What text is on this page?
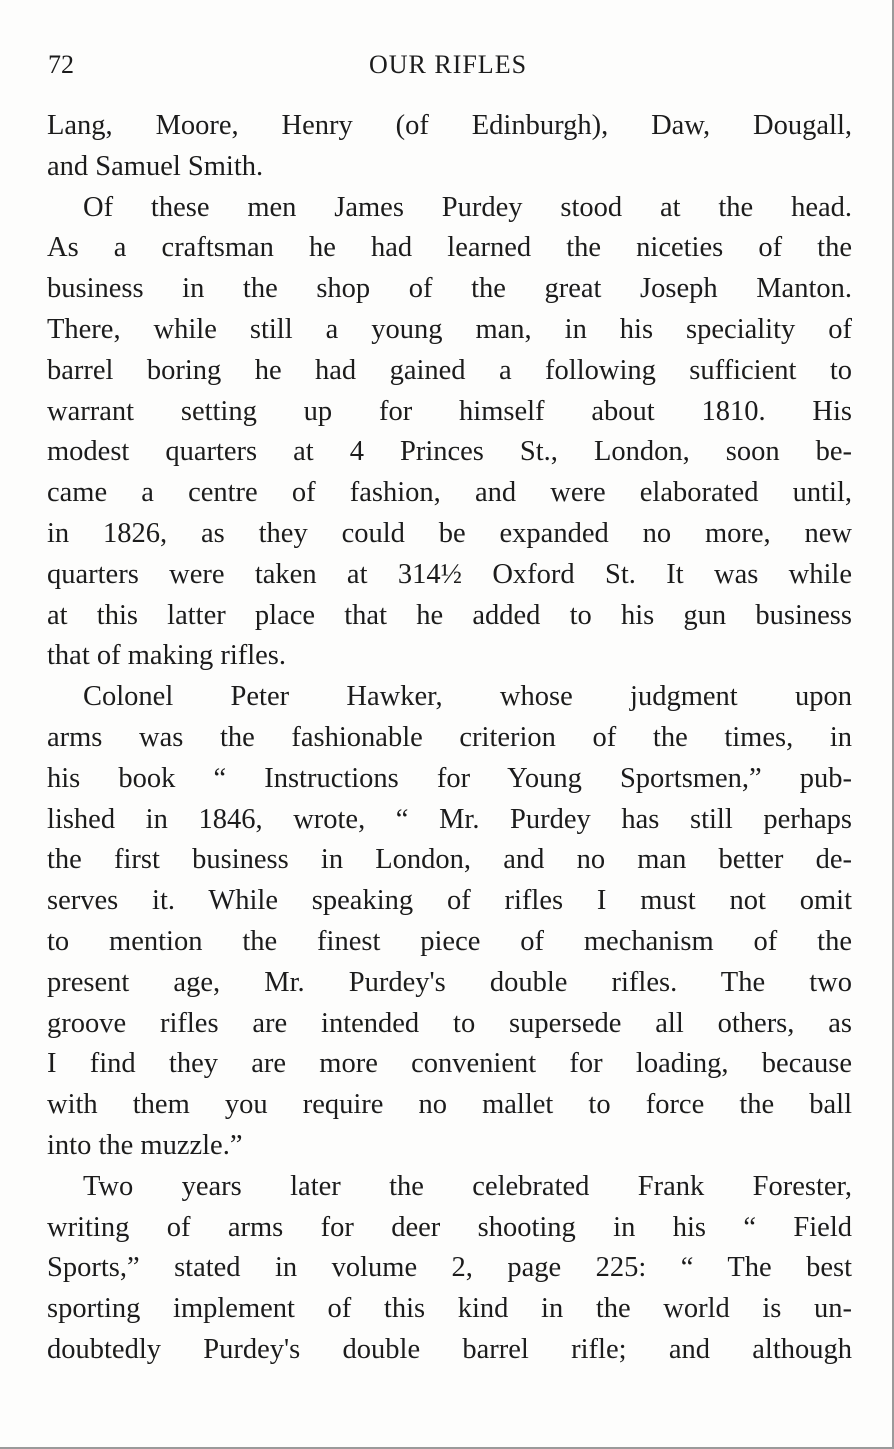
72	OUR RIFLES
Lang, Moore, Henry (of Edinburgh), Daw, Dougall,
and Samuel Smith.
Of these men James Purdey stood at the head.
As a craftsman he had learned the niceties of the
business in the shop of the great Joseph Manton.
There, while still a young man, in his speciality of
barrel boring he had gained a following sufficient to
warrant setting up for himself about 1810. His
modest quarters at 4 Princes St., London, soon be-
came a centre of fashion, and were elaborated until,
in 1826, as they could be expanded no more, new
quarters were taken at 314½ Oxford St. It was while
at this latter place that he added to his gun business
that of making rifles.
Colonel Peter Hawker, whose judgment upon
arms was the fashionable criterion of the times, in
his book “ Instructions for Young Sportsmen,” pub-
lished in 1846, wrote, “ Mr. Purdey has still perhaps
the first business in London, and no man better de-
serves it. While speaking of rifles I must not omit
to mention the finest piece of mechanism of the
present age, Mr. Purdey's double rifles. The two
groove rifles are intended to supersede all others, as
I find they are more convenient for loading, because
with them you require no mallet to force the ball
into the muzzle.”
Two years later the celebrated Frank Forester,
writing of arms for deer shooting in his “ Field
Sports,” stated in volume 2, page 225: “ The best
sporting implement of this kind in the world is un-
doubtedly Purdey's double barrel rifle; and although
